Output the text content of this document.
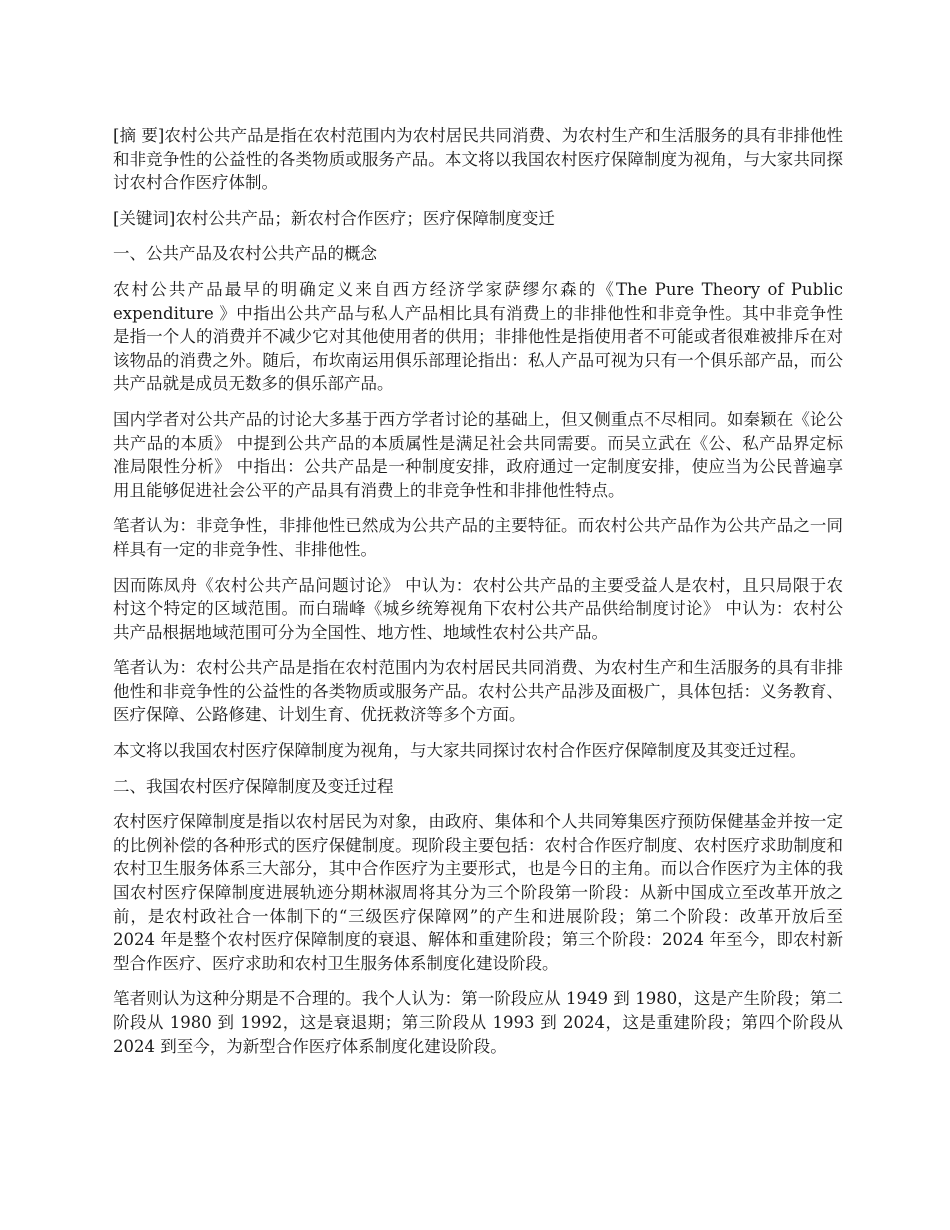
[摘 要]农村公共产品是指在农村范围内为农村居民共同消费、为农村生产和生活服务的具有非排他性和非竞争性的公益性的各类物质或服务产品。本文将以我国农村医疗保障制度为视角，与大家共同探讨农村合作医疗体制。

[关键词]农村公共产品；新农村合作医疗；医疗保障制度变迁

一、公共产品及农村公共产品的概念

农村公共产品最早的明确定义来自西方经济学家萨缪尔森的《The Pure Theory of Public expenditure 》中指出公共产品与私人产品相比具有消费上的非排他性和非竞争性。其中非竞争性是指一个人的消费并不减少它对其他使用者的供用；非排他性是指使用者不可能或者很难被排斥在对该物品的消费之外。随后，布坎南运用俱乐部理论指出：私人产品可视为只有一个俱乐部产品，而公共产品就是成员无数多的俱乐部产品。

国内学者对公共产品的讨论大多基于西方学者讨论的基础上，但又侧重点不尽相同。如秦颖在《论公共产品的本质》 中提到公共产品的本质属性是满足社会共同需要。而吴立武在《公、私产品界定标准局限性分析》 中指出：公共产品是一种制度安排，政府通过一定制度安排，使应当为公民普遍享用且能够促进社会公平的产品具有消费上的非竞争性和非排他性特点。

笔者认为：非竞争性，非排他性已然成为公共产品的主要特征。而农村公共产品作为公共产品之一同样具有一定的非竞争性、非排他性。

因而陈凤舟《农村公共产品问题讨论》 中认为：农村公共产品的主要受益人是农村，且只局限于农村这个特定的区域范围。而白瑞峰《城乡统筹视角下农村公共产品供给制度讨论》 中认为：农村公共产品根据地域范围可分为全国性、地方性、地域性农村公共产品。

笔者认为：农村公共产品是指在农村范围内为农村居民共同消费、为农村生产和生活服务的具有非排他性和非竞争性的公益性的各类物质或服务产品。农村公共产品涉及面极广，具体包括：义务教育、医疗保障、公路修建、计划生育、优抚救济等多个方面。

本文将以我国农村医疗保障制度为视角，与大家共同探讨农村合作医疗保障制度及其变迁过程。

二、我国农村医疗保障制度及变迁过程

农村医疗保障制度是指以农村居民为对象，由政府、集体和个人共同筹集医疗预防保健基金并按一定的比例补偿的各种形式的医疗保健制度。现阶段主要包括：农村合作医疗制度、农村医疗求助制度和农村卫生服务体系三大部分，其中合作医疗为主要形式，也是今日的主角。而以合作医疗为主体的我国农村医疗保障制度进展轨迹分期林淑周将其分为三个阶段第一阶段：从新中国成立至改革开放之前，是农村政社合一体制下的“三级医疗保障网”的产生和进展阶段；第二个阶段：改革开放后至 2024 年是整个农村医疗保障制度的衰退、解体和重建阶段；第三个阶段：2024 年至今，即农村新型合作医疗、医疗求助和农村卫生服务体系制度化建设阶段。

笔者则认为这种分期是不合理的。我个人认为：第一阶段应从 1949 到 1980，这是产生阶段；第二阶段从 1980 到 1992，这是衰退期；第三阶段从 1993 到 2024，这是重建阶段；第四个阶段从 2024 到至今，为新型合作医疗体系制度化建设阶段。
